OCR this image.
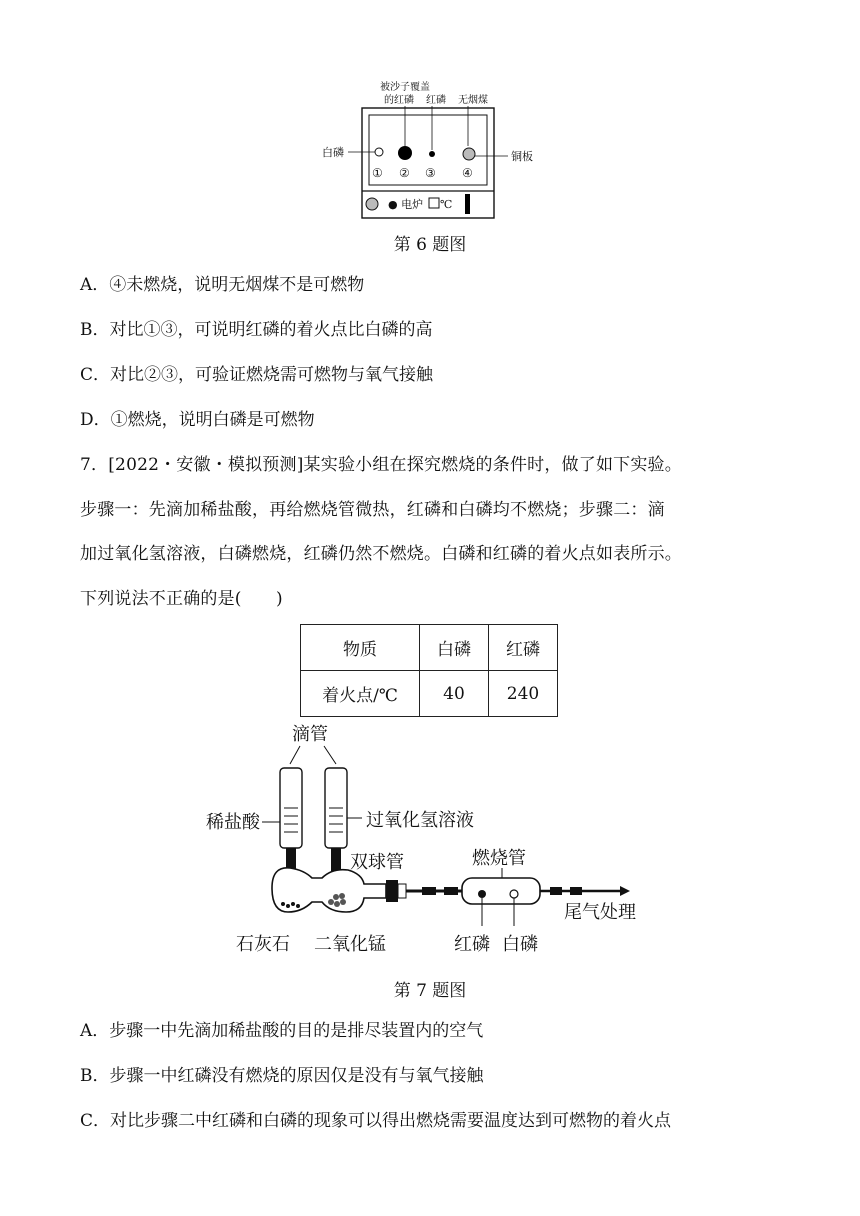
被沙子覆盖
的红磷 红磷 无烟煤
白磷	铜板
① ② ③ ④
● 电炉 ℃
第 6 题图
A．④未燃烧，说明无烟煤不是可燃物
B．对比①③，可说明红磷的着火点比白磷的高
C．对比②③，可验证燃烧需可燃物与氧气接触
D．①燃烧，说明白磷是可燃物
7．[2022・安徽・模拟预测]某实验小组在探究燃烧的条件时，做了如下实验。
步骤一：先滴加稀盐酸，再给燃烧管微热，红磷和白磷均不燃烧；步骤二：滴
加过氧化氢溶液，白磷燃烧，红磷仍然不燃烧。白磷和红磷的着火点如表所示。
下列说法不正确的是(　　)
物质	白磷	红磷
着火点/℃	40	240
滴管
稀盐酸	过氧化氢溶液
双球管	燃烧管
尾气处理
石灰石 二氧化锰	红磷 白磷
第 7 题图
A．步骤一中先滴加稀盐酸的目的是排尽装置内的空气
B．步骤一中红磷没有燃烧的原因仅是没有与氧气接触
C．对比步骤二中红磷和白磷的现象可以得出燃烧需要温度达到可燃物的着火点
